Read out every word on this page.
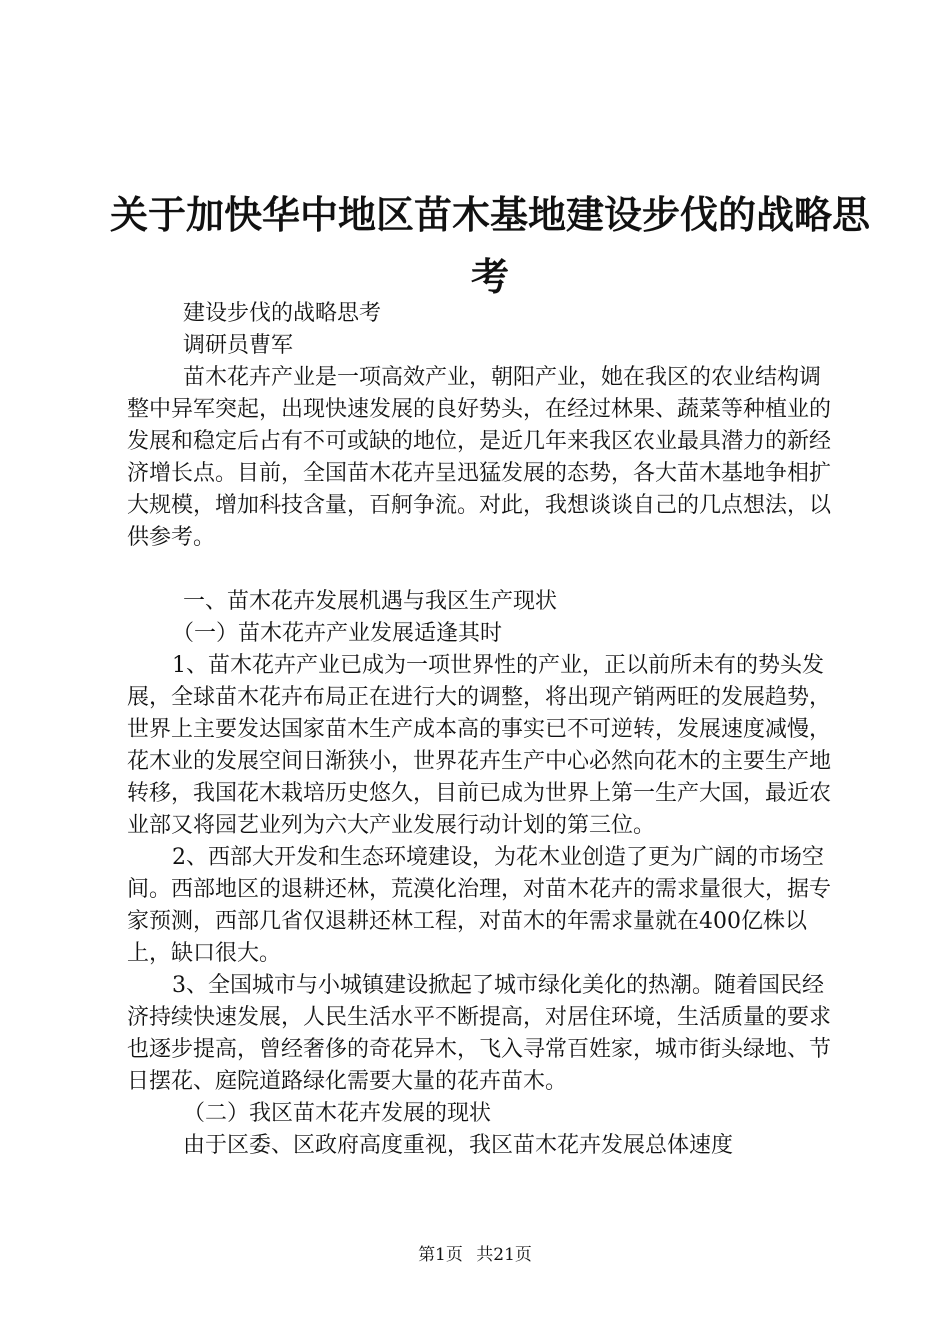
关于加快华中地区苗木基地建设步伐的战略思考

建设步伐的战略思考

调研员曹军

苗木花卉产业是一项高效产业，朝阳产业，她在我区的农业结构调整中异军突起，出现快速发展的良好势头，在经过林果、蔬菜等种植业的发展和稳定后占有不可或缺的地位，是近几年来我区农业最具潜力的新经济增长点。目前，全国苗木花卉呈迅猛发展的态势，各大苗木基地争相扩大规模，增加科技含量，百舸争流。对此，我想谈谈自己的几点想法，以供参考。

一、苗木花卉发展机遇与我区生产现状

（一）苗木花卉产业发展适逢其时

1、苗木花卉产业已成为一项世界性的产业，正以前所未有的势头发展，全球苗木花卉布局正在进行大的调整，将出现产销两旺的发展趋势，世界上主要发达国家苗木生产成本高的事实已不可逆转，发展速度减慢，花木业的发展空间日渐狭小，世界花卉生产中心必然向花木的主要生产地转移，我国花木栽培历史悠久，目前已成为世界上第一生产大国，最近农业部又将园艺业列为六大产业发展行动计划的第三位。

2、西部大开发和生态环境建设，为花木业创造了更为广阔的市场空间。西部地区的退耕还林，荒漠化治理，对苗木花卉的需求量很大，据专家预测，西部几省仅退耕还林工程，对苗木的年需求量就在400亿株以上，缺口很大。

3、全国城市与小城镇建设掀起了城市绿化美化的热潮。随着国民经济持续快速发展，人民生活水平不断提高，对居住环境，生活质量的要求也逐步提高，曾经奢侈的奇花异木，飞入寻常百姓家，城市街头绿地、节日摆花、庭院道路绿化需要大量的花卉苗木。

（二）我区苗木花卉发展的现状

由于区委、区政府高度重视，我区苗木花卉发展总体速度

第1页 共21页
